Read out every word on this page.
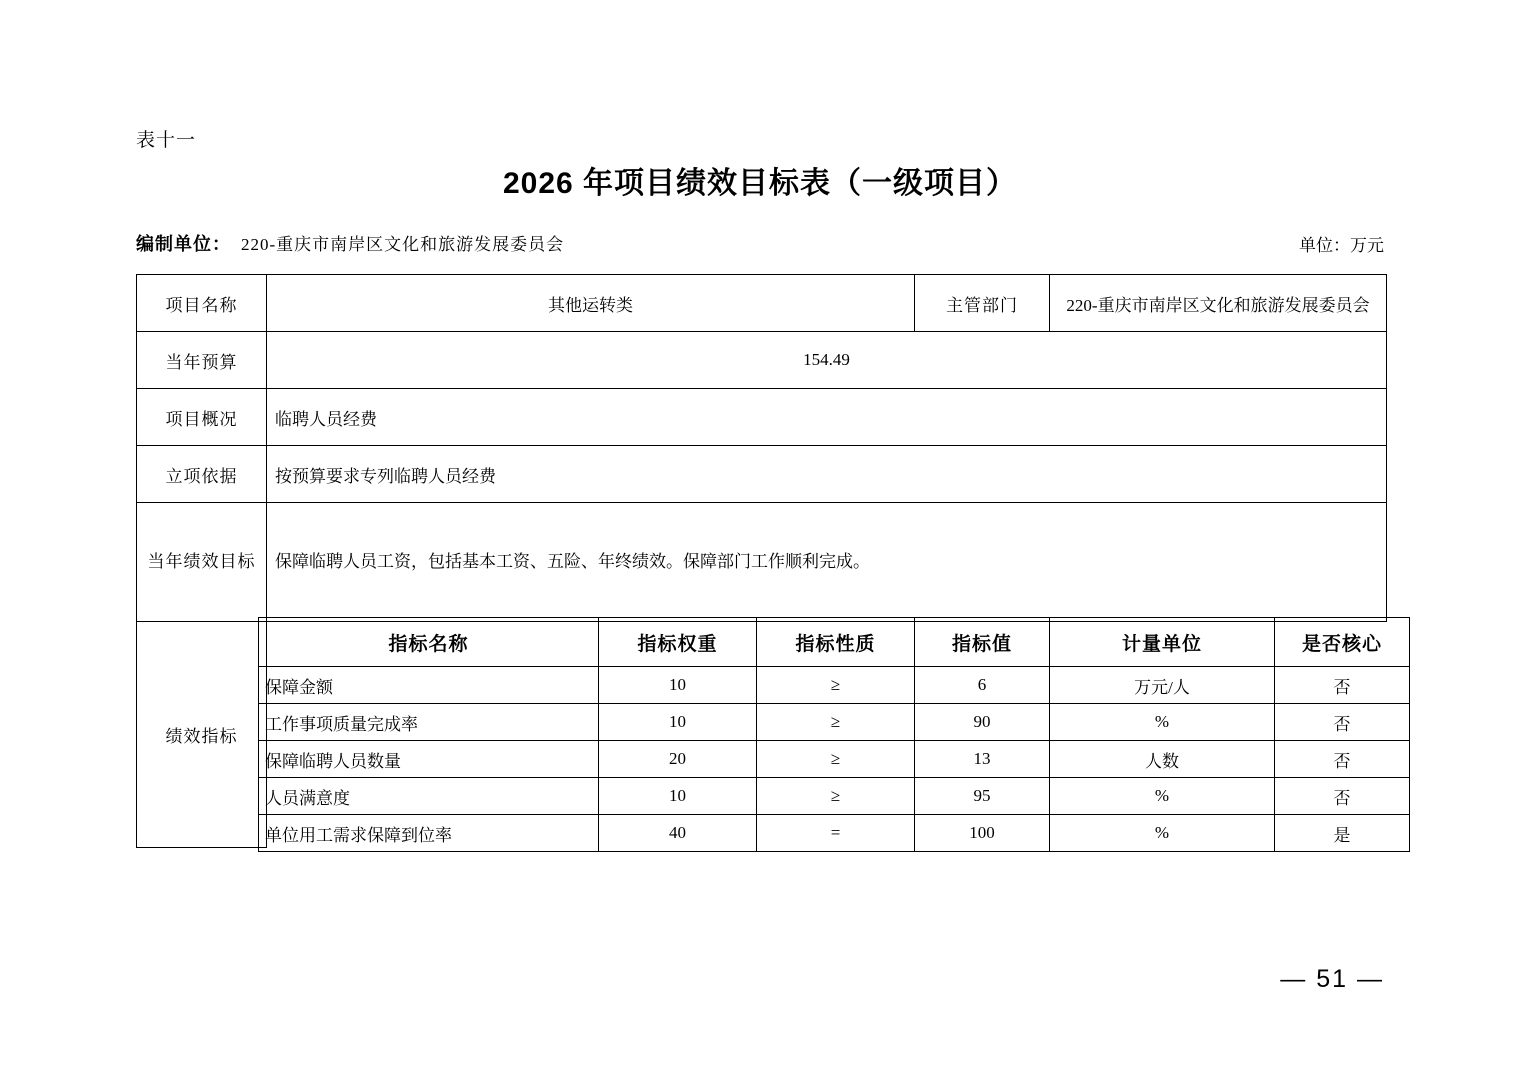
表十一
2026 年项目绩效目标表（一级项目）
编制单位： 220-重庆市南岸区文化和旅游发展委员会	单位：万元
项目名称	其他运转类	主管部门	220-重庆市南岸区文化和旅游发展委员会
当年预算	154.49
项目概况	临聘人员经费
立项依据	按预算要求专列临聘人员经费
当年绩效目标	保障临聘人员工资，包括基本工资、五险、年终绩效。保障部门工作顺利完成。
绩效指标	
指标名称	指标权重	指标性质	指标值	计量单位	是否核心
保障金额	10	≥	6	万元/人	否
工作事项质量完成率	10	≥	90	%	否
保障临聘人员数量	20	≥	13	人数	否
人员满意度	10	≥	95	%	否
单位用工需求保障到位率	40	=	100	%	是
— 51 —
